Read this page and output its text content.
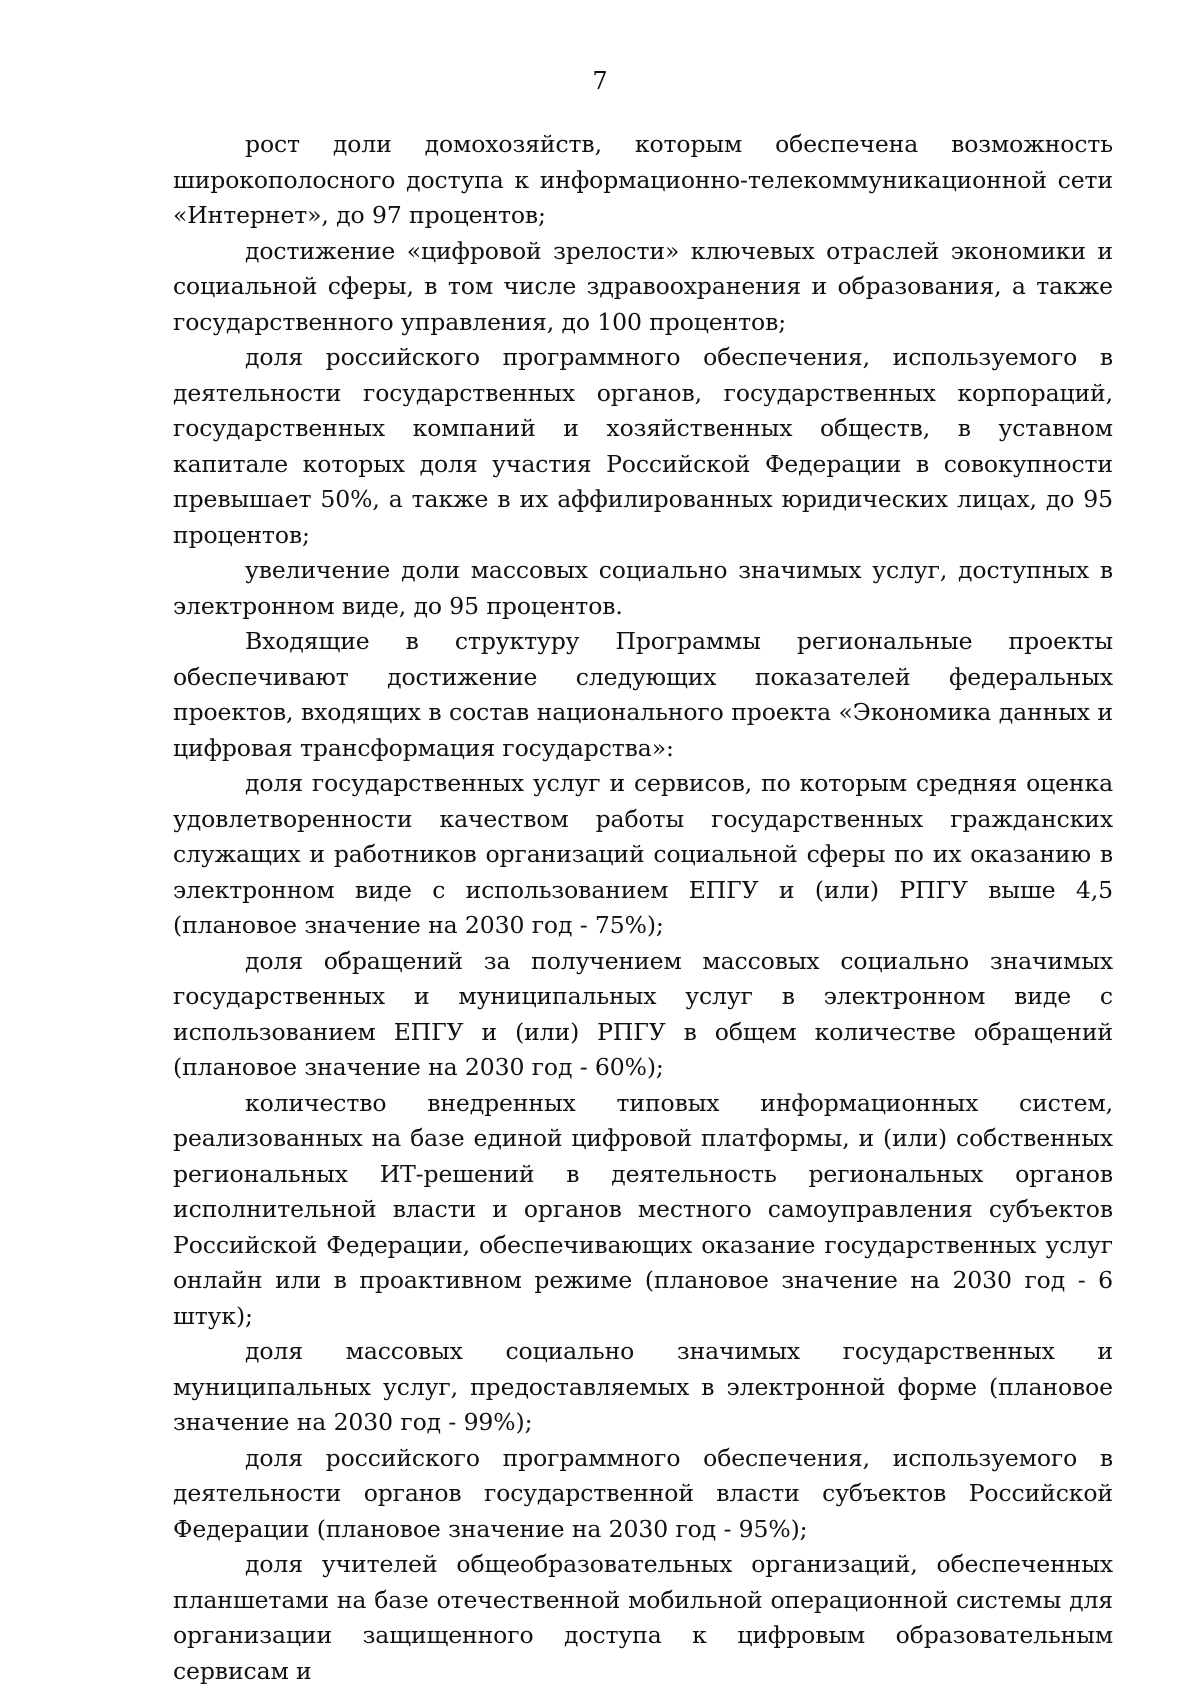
7

рост доли домохозяйств, которым обеспечена возможность широкополосного доступа к информационно-телекоммуникационной сети «Интернет», до 97 процентов;

достижение «цифровой зрелости» ключевых отраслей экономики и социальной сферы, в том числе здравоохранения и образования, а также государственного управления, до 100 процентов;

доля российского программного обеспечения, используемого в деятельности государственных органов, государственных корпораций, государственных компаний и хозяйственных обществ, в уставном капитале которых доля участия Российской Федерации в совокупности превышает 50%, а также в их аффилированных юридических лицах, до 95 процентов;

увеличение доли массовых социально значимых услуг, доступных в электронном виде, до 95 процентов.

Входящие в структуру Программы региональные проекты обеспечивают достижение следующих показателей федеральных проектов, входящих в состав национального проекта «Экономика данных и цифровая трансформация государства»:

доля государственных услуг и сервисов, по которым средняя оценка удовлетворенности качеством работы государственных гражданских служащих и работников организаций социальной сферы по их оказанию в электронном виде с использованием ЕПГУ и (или) РПГУ выше 4,5 (плановое значение на 2030 год - 75%);

доля обращений за получением массовых социально значимых государственных и муниципальных услуг в электронном виде с использованием ЕПГУ и (или) РПГУ в общем количестве обращений (плановое значение на 2030 год - 60%);

количество внедренных типовых информационных систем, реализованных на базе единой цифровой платформы, и (или) собственных региональных ИТ-решений в деятельность региональных органов исполнительной власти и органов местного самоуправления субъектов Российской Федерации, обеспечивающих оказание государственных услуг онлайн или в проактивном режиме (плановое значение на 2030 год - 6 штук);

доля массовых социально значимых государственных и муниципальных услуг, предоставляемых в электронной форме (плановое значение на 2030 год - 99%);

доля российского программного обеспечения, используемого в деятельности органов государственной власти субъектов Российской Федерации (плановое значение на 2030 год - 95%);

доля учителей общеобразовательных организаций, обеспеченных планшетами на базе отечественной мобильной операционной системы для организации защищенного доступа к цифровым образовательным сервисам и
